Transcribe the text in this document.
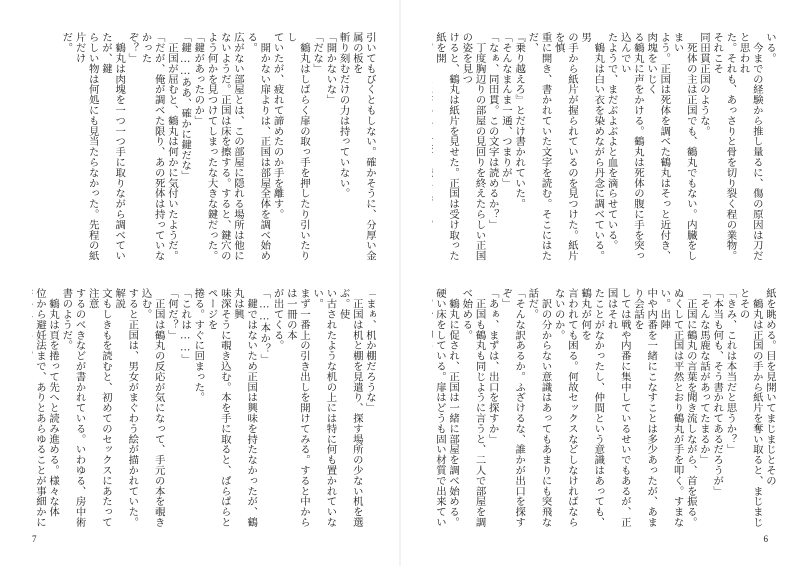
引いてもびくともしない。確かそうに、分厚い金属の板を

斬り刻むだけの力は持っていない。

「開かないな」

「だな」

　鶴丸はしばらく扉の取っ手を押したり引いたりし

ていたが、疲れて諦めたのか手を離す。

　開かない扉よりは、正国は部屋全体を調べ始める。

広がない部屋とは、この部屋に隠れる場所は他に

ないようだ。正国は床を擦する。すると、鍵穴の

よう何かを見つけてしまったな大きな鍵だった。

「鍵があったのか」

「鍵……ああ、確かに鍵だな」

　正国が屈むと、鶴丸は何かに気付いたようだ。

「だが、俺が調べた限り、あの死体は持っていなかった

ぞ？」

　鶴丸は肉塊を一つ一つ手に取りながら調べていたが、鍵

らしい物は何処にも見当たらなかった。先程の紙片だけ

だ。

「まぁ、机か棚だろうな」

　正国は机と棚を見遣り、探す場所の少ない机を選ぶ。使

い古されたような机の上には特に何も置かれていない。

まず一番上の引き出しを開けてみる。すると中からは一冊の本

が出てくる。

「……本か？」

　鍵ではないため正国は興味を持たなかったが、鶴丸は興

味深そうに覗き込む。本を手に取ると、ぱらぱらとページを

捲る。すぐに回まった。

「これは……」

「何だ？」

　正国は鶴丸の反応が気になって、手元の本を覗き込む。

すると正国は、男女がまぐわう絵が描かれていた。解説

文もしきもを読むと、初めてのセックスにあたって注意

するのべきなどが書かれている。いわゆる、房中術

書のようだ。

　鶴丸は頁を捲って先へと読み進める。様々な体

位から避妊法まで、ありとあらゆることが事細かに

7

いる。

　今までの経験から推し量るに、傷の原因は刀だと思われ

た。それも、あっさりと骨を切り裂く程の業物。それこそ

同田貫正国のような。

　死体の主は正国でも、鶴丸でもない。内臓をしまい

よう。正国は死体を調べた鶴丸はそっと近付き、肉塊をいじく

る鶴丸に声をかける。鶴丸は死体の腹に手を突っ込んでい

たようで、まだぶよぶよと血を滴らせている。

　鶴丸は白い衣を染めながら丹念に調べている。男

の手から紙片が握られているのを見つけた。紙片を慎

重に開き、書かれていた文字を読む。そこにはただ、

『乗り越えろ』とだけ書かれていた。

「そんなまんま一通、つまりが」

「なぁ、同田貫。この文字は読めるか？」

　丁度胸辺りの部屋の見回りを終えたらしい正国の姿を見つ

けると、鶴丸は紙片を見せた。正国は受け取った紙を開

紙を眺める。目を見開いてまじまじとその

　鶴丸は正国の手から紙片を奪い取ると、まじまじとその

「きみ、これは本当だと思うか？」

「本当も何も、そう書かれてあるだろうが」

「そんな馬鹿な話があってたまるか」

　正国に鶴丸の言葉を聞き流しながら、首を振る。

ぬくして正国は平然とおり鶴丸が手を叩く。すまない。出陣

中や内番を一緒にこなすことは多少あったが、あまり会話を

しては戦や内番に集中しているせいでもあるが、正国はそれ

たことがなかったし、仲間という意識はあっても、鶴丸が何を

言われても困る。何故セックスなどしなければならないのか。

　訳の分からない意識はあってもあまりにも突飛な話だ。

「そんな訳あるか。ふざけるな、誰かが出口を探すぞ」

「あぁ、まずは、出口を探すか」

　正国も鶴丸も同じように言うと、二人で部屋を調べ始める。

　鶴丸に促され、正国は一緒に部屋を調べ始める。

硬い床をしている。扉はどうも固い材質で出来てい

6
